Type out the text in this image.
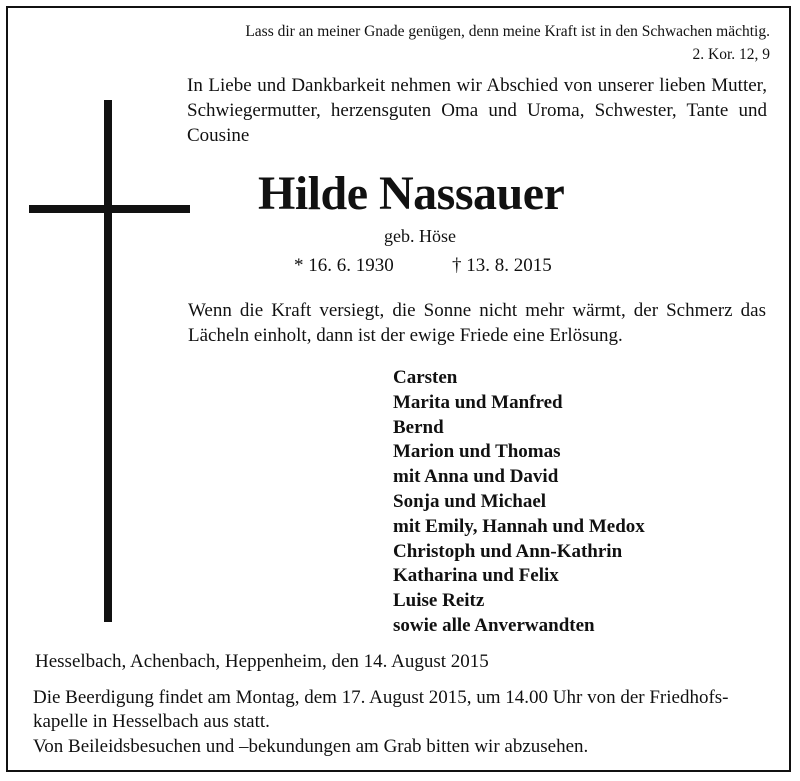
Lass dir an meiner Gnade genügen, denn meine Kraft ist in den Schwachen mächtig.
2. Kor. 12, 9
In Liebe und Dankbarkeit nehmen wir Abschied von unserer lieben Mutter, Schwiegermutter, herzensguten Oma und Uroma, Schwester, Tante und Cousine
Hilde Nassauer
geb. Höse
* 16. 6. 1930	† 13. 8. 2015
Wenn die Kraft versiegt, die Sonne nicht mehr wärmt, der Schmerz das Lächeln einholt, dann ist der ewige Friede eine Erlösung.
Carsten
Marita und Manfred
Bernd
Marion und Thomas
mit Anna und David
Sonja und Michael
mit Emily, Hannah und Medox
Christoph und Ann-Kathrin
Katharina und Felix
Luise Reitz
sowie alle Anverwandten
Hesselbach, Achenbach, Heppenheim, den 14. August 2015
Die Beerdigung findet am Montag, dem 17. August 2015, um 14.00 Uhr von der Friedhofs-
kapelle in Hesselbach aus statt.
Von Beileidsbesuchen und –bekundungen am Grab bitten wir abzusehen.
